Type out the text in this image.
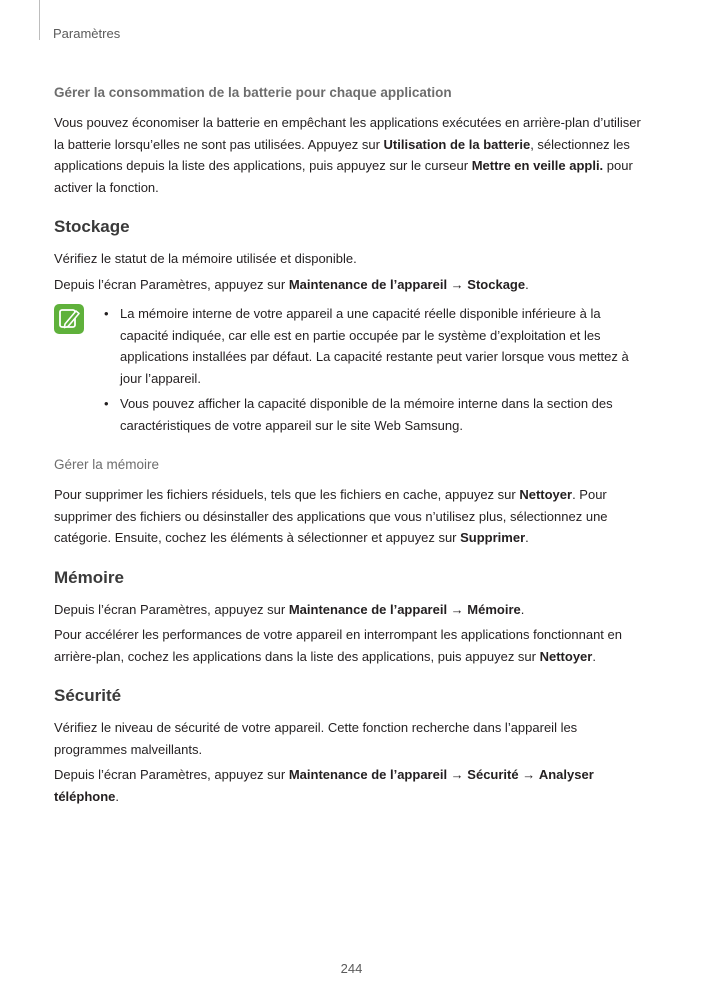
Paramètres
Gérer la consommation de la batterie pour chaque application

Vous pouvez économiser la batterie en empêchant les applications exécutées en arrière-plan d’utiliser la batterie lorsqu’elles ne sont pas utilisées. Appuyez sur Utilisation de la batterie, sélectionnez les applications depuis la liste des applications, puis appuyez sur le curseur Mettre en veille appli. pour activer la fonction.

Stockage

Vérifiez le statut de la mémoire utilisée et disponible.

Depuis l’écran Paramètres, appuyez sur Maintenance de l’appareil → Stockage.

• La mémoire interne de votre appareil a une capacité réelle disponible inférieure à la capacité indiquée, car elle est en partie occupée par le système d’exploitation et les applications installées par défaut. La capacité restante peut varier lorsque vous mettez à jour l’appareil.
• Vous pouvez afficher la capacité disponible de la mémoire interne dans la section des caractéristiques de votre appareil sur le site Web Samsung.
Gérer la mémoire

Pour supprimer les fichiers résiduels, tels que les fichiers en cache, appuyez sur Nettoyer. Pour supprimer des fichiers ou désinstaller des applications que vous n’utilisez plus, sélectionnez une catégorie. Ensuite, cochez les éléments à sélectionner et appuyez sur Supprimer.

Mémoire

Depuis l’écran Paramètres, appuyez sur Maintenance de l’appareil → Mémoire.

Pour accélérer les performances de votre appareil en interrompant les applications fonctionnant en arrière-plan, cochez les applications dans la liste des applications, puis appuyez sur Nettoyer.

Sécurité

Vérifiez le niveau de sécurité de votre appareil. Cette fonction recherche dans l’appareil les programmes malveillants.

Depuis l’écran Paramètres, appuyez sur Maintenance de l’appareil → Sécurité → Analyser téléphone.

244
